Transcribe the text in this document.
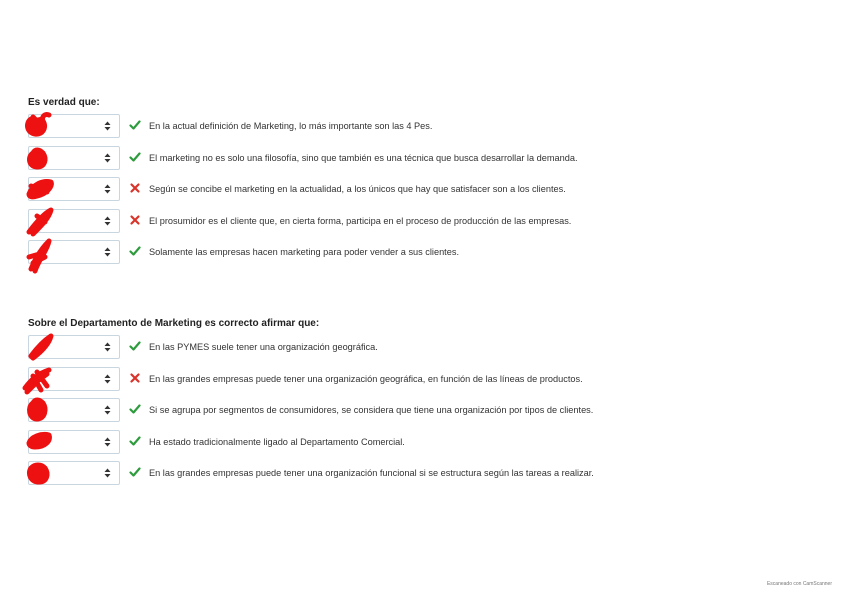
Es verdad que:
En la actual definición de Marketing, lo más importante son las 4 Pes.
El marketing no es solo una filosofía, sino que también es una técnica que busca desarrollar la demanda.
Según se concibe el marketing en la actualidad, a los únicos que hay que satisfacer son a los clientes.
El prosumidor es el cliente que, en cierta forma, participa en el proceso de producción de las empresas.
Solamente las empresas hacen marketing para poder vender a sus clientes.
Sobre el Departamento de Marketing es correcto afirmar que:
En las PYMES suele tener una organización geográfica.
En las grandes empresas puede tener una organización geográfica, en función de las líneas de productos.
Si se agrupa por segmentos de consumidores, se considera que tiene una organización por tipos de clientes.
Ha estado tradicionalmente ligado al Departamento Comercial.
En las grandes empresas puede tener una organización funcional si se estructura según las tareas a realizar.
Escaneado con CamScanner
